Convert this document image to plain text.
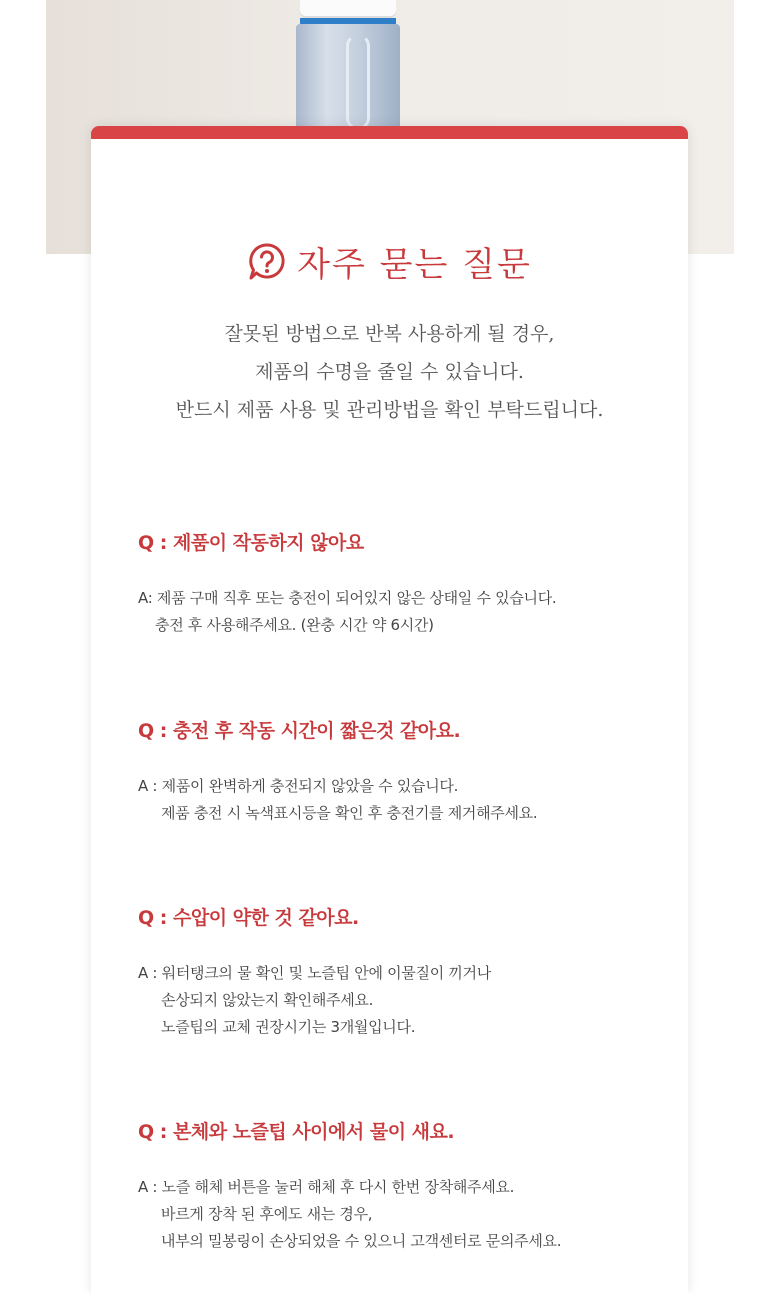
자주 묻는 질문
잘못된 방법으로 반복 사용하게 될 경우,
제품의 수명을 줄일 수 있습니다.
반드시 제품 사용 및 관리방법을 확인 부탁드립니다.
Q : 제품이 작동하지 않아요
A: 제품 구매 직후 또는 충전이 되어있지 않은 상태일 수 있습니다.
충전 후 사용해주세요. (완충 시간 약 6시간)
Q : 충전 후 작동 시간이 짧은것 같아요.
A : 제품이 완벽하게 충전되지 않았을 수 있습니다.
제품 충전 시 녹색표시등을 확인 후 충전기를 제거해주세요.
Q : 수압이 약한 것 같아요.
A : 워터탱크의 물 확인 및 노즐팁 안에 이물질이 끼거나
손상되지 않았는지 확인해주세요.
노즐팁의 교체 권장시기는 3개월입니다.
Q : 본체와 노즐팁 사이에서 물이 새요.
A : 노즐 해체 버튼을 눌러 해체 후 다시 한번 장착해주세요.
바르게 장착 된 후에도 새는 경우,
내부의 밀봉링이 손상되었을 수 있으니 고객센터로 문의주세요.
